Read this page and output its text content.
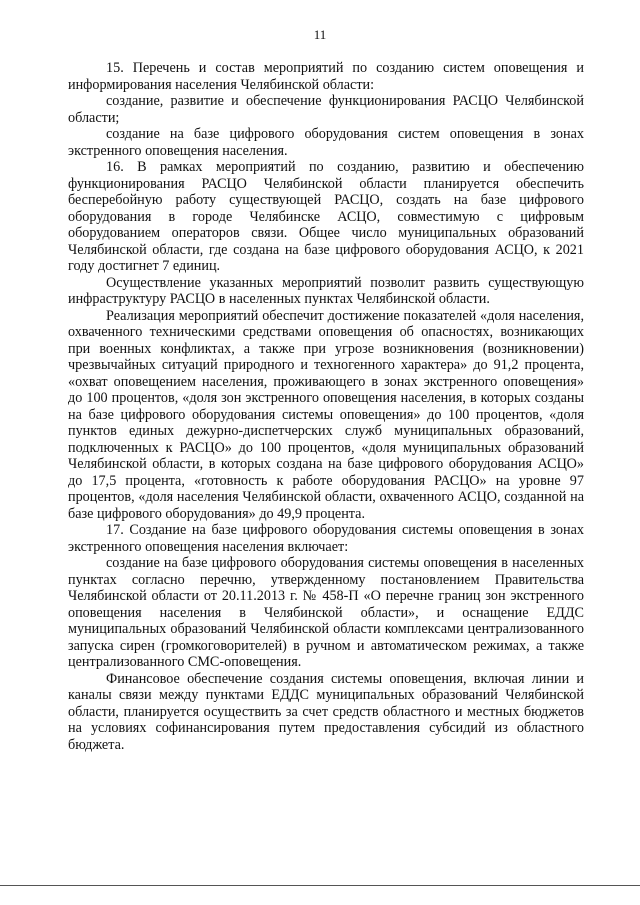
11

15. Перечень и состав мероприятий по созданию систем оповещения и информирования населения Челябинской области:

создание, развитие и обеспечение функционирования РАСЦО Челябинской области;

создание на базе цифрового оборудования систем оповещения в зонах экстренного оповещения населения.

16. В рамках мероприятий по созданию, развитию и обеспечению функционирования РАСЦО Челябинской области планируется обеспечить бесперебойную работу существующей РАСЦО, создать на базе цифрового оборудования в городе Челябинске АСЦО, совместимую с цифровым оборудованием операторов связи. Общее число муниципальных образований Челябинской области, где создана на базе цифрового оборудования АСЦО, к 2021 году достигнет 7 единиц.

Осуществление указанных мероприятий позволит развить существующую инфраструктуру РАСЦО в населенных пунктах Челябинской области.

Реализация мероприятий обеспечит достижение показателей «доля населения, охваченного техническими средствами оповещения об опасностях, возникающих при военных конфликтах, а также при угрозе возникновения (возникновении) чрезвычайных ситуаций природного и техногенного характера» до 91,2 процента, «охват оповещением населения, проживающего в зонах экстренного оповещения» до 100 процентов, «доля зон экстренного оповещения населения, в которых созданы на базе цифрового оборудования системы оповещения» до 100 процентов, «доля пунктов единых дежурно-диспетчерских служб муниципальных образований, подключенных к РАСЦО» до 100 процентов, «доля муниципальных образований Челябинской области, в которых создана на базе цифрового оборудования АСЦО» до 17,5 процента, «готовность к работе оборудования РАСЦО» на уровне 97 процентов, «доля населения Челябинской области, охваченного АСЦО, созданной на базе цифрового оборудования» до 49,9 процента.

17. Создание на базе цифрового оборудования системы оповещения в зонах экстренного оповещения населения включает:

создание на базе цифрового оборудования системы оповещения в населенных пунктах согласно перечню, утвержденному постановлением Правительства Челябинской области от 20.11.2013 г. № 458-П «О перечне границ зон экстренного оповещения населения в Челябинской области», и оснащение ЕДДС муниципальных образований Челябинской области комплексами централизованного запуска сирен (громкоговорителей) в ручном и автоматическом режимах, а также централизованного СМС-оповещения.

Финансовое обеспечение создания системы оповещения, включая линии и каналы связи между пунктами ЕДДС муниципальных образований Челябинской области, планируется осуществить за счет средств областного и местных бюджетов на условиях софинансирования путем предоставления субсидий из областного бюджета.
